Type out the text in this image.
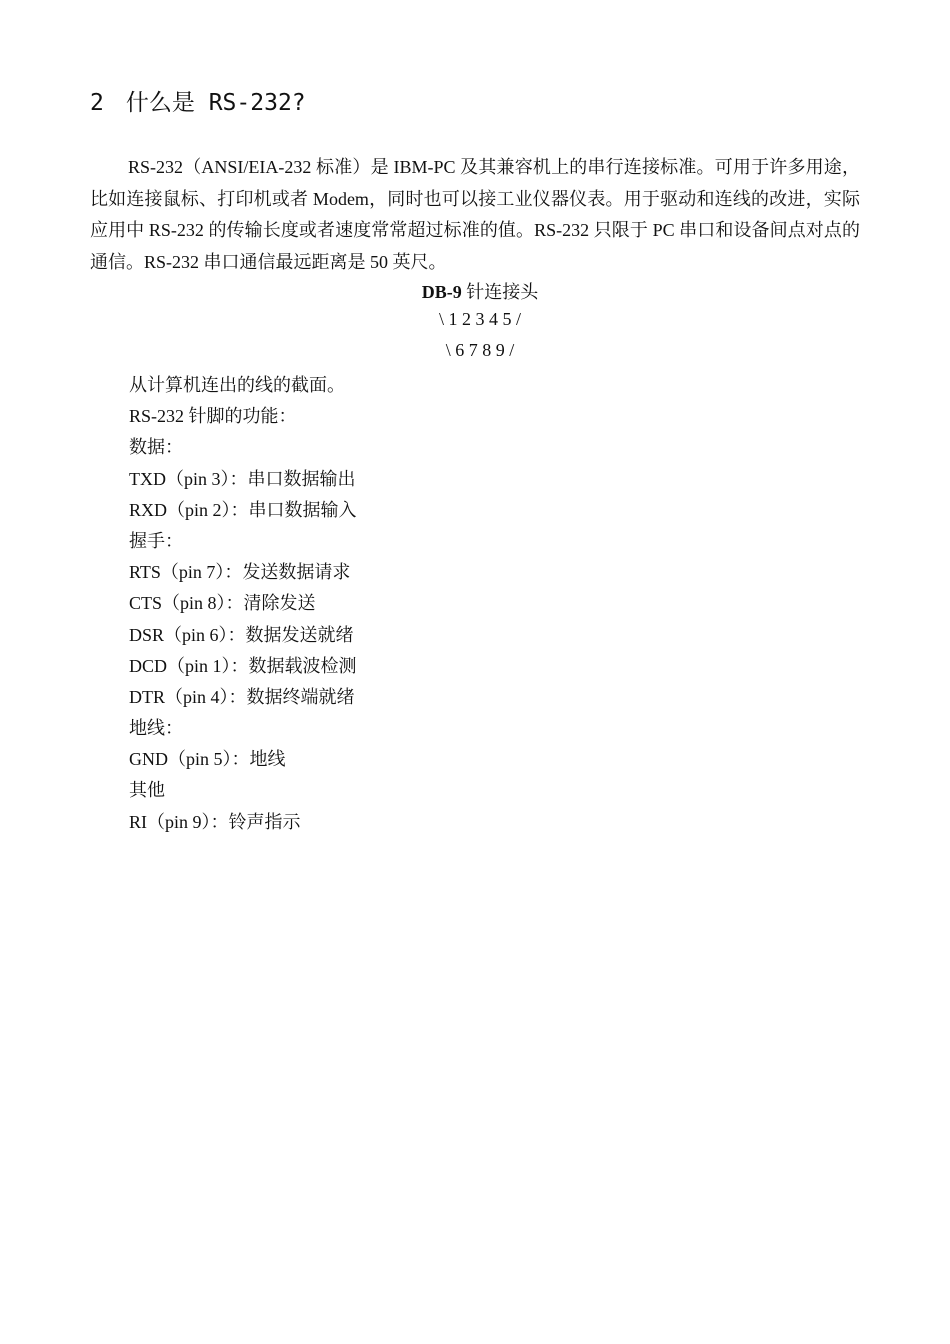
2 什么是 RS-232?

RS-232（ANSI/EIA-232 标准）是 IBM-PC 及其兼容机上的串行连接标准。可用于许多用途，比如连接鼠标、打印机或者 Modem，同时也可以接工业仪器仪表。用于驱动和连线的改进，实际应用中 RS-232 的传输长度或者速度常常超过标准的值。RS-232 只限于 PC 串口和设备间点对点的通信。RS-232 串口通信最远距离是 50 英尺。

DB-9 针连接头
\ 1 2 3 4 5 /
\ 6 7 8 9 /
从计算机连出的线的截面。
RS-232 针脚的功能：
数据：
TXD（pin 3）：串口数据输出
RXD（pin 2）：串口数据输入
握手：
RTS（pin 7）：发送数据请求
CTS（pin 8）：清除发送
DSR（pin 6）：数据发送就绪
DCD（pin 1）：数据载波检测
DTR（pin 4）：数据终端就绪
地线：
GND（pin 5）：地线
其他
RI（pin 9）：铃声指示
